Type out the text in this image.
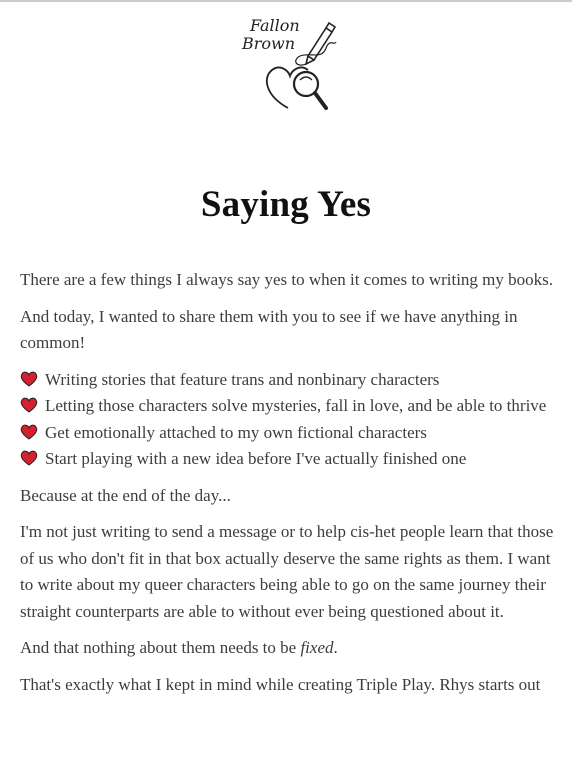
Fallon
Brown
Saying Yes

There are a few things I always say yes to when it comes to writing my books.

And today, I wanted to share them with you to see if we have anything in common!

Writing stories that feature trans and nonbinary characters
Letting those characters solve mysteries, fall in love, and be able to thrive
Get emotionally attached to my own fictional characters
Start playing with a new idea before I've actually finished one

Because at the end of the day...

I'm not just writing to send a message or to help cis-het people learn that those of us who don't fit in that box actually deserve the same rights as them. I want to write about my queer characters being able to go on the same journey their straight counterparts are able to without ever being questioned about it.

And that nothing about them needs to be fixed.

That's exactly what I kept in mind while creating Triple Play. Rhys starts out
